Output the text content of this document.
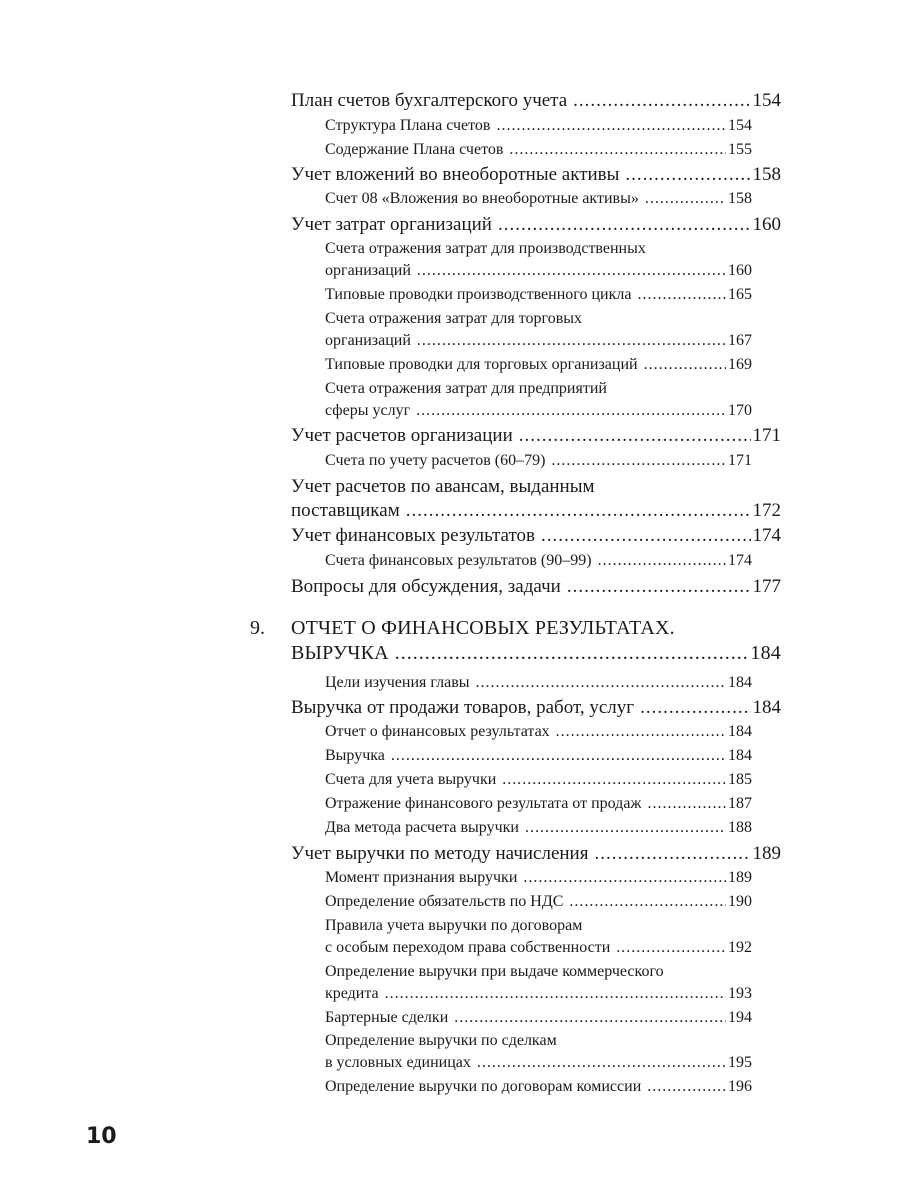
План счетов бухгалтерского учета .....	154
Структура Плана счетов .....	154
Содержание Плана счетов .....	155
Учет вложений во внеоборотные активы .....	158
Счет 08 «Вложения во внеоборотные активы» .....	158
Учет затрат организаций .....	160
Счета отражения затрат для производственных
организаций .....	160
Типовые проводки производственного цикла .....	165
Счета отражения затрат для торговых
организаций .....	167
Типовые проводки для торговых организаций .....	169
Счета отражения затрат для предприятий
сферы услуг .....	170
Учет расчетов организации .....	171
Счета по учету расчетов (60–79) .....	171
Учет расчетов по авансам, выданным
поставщикам .....	172
Учет финансовых результатов .....	174
Счета финансовых результатов (90–99) .....	174
Вопросы для обсуждения, задачи .....	177
9. ОТЧЕТ О ФИНАНСОВЫХ РЕЗУЛЬТАТАХ.
ВЫРУЧКА .....	184
Цели изучения главы .....	184
Выручка от продажи товаров, работ, услуг .....	184
Отчет о финансовых результатах .....	184
Выручка .....	184
Счета для учета выручки .....	185
Отражение финансового результата от продаж .....	187
Два метода расчета выручки .....	188
Учет выручки по методу начисления .....	189
Момент признания выручки .....	189
Определение обязательств по НДС .....	190
Правила учета выручки по договорам
с особым переходом права собственности .....	192
Определение выручки при выдаче коммерческого
кредита .....	193
Бартерные сделки .....	194
Определение выручки по сделкам
в условных единицах .....	195
Определение выручки по договорам комиссии .....	196
10
